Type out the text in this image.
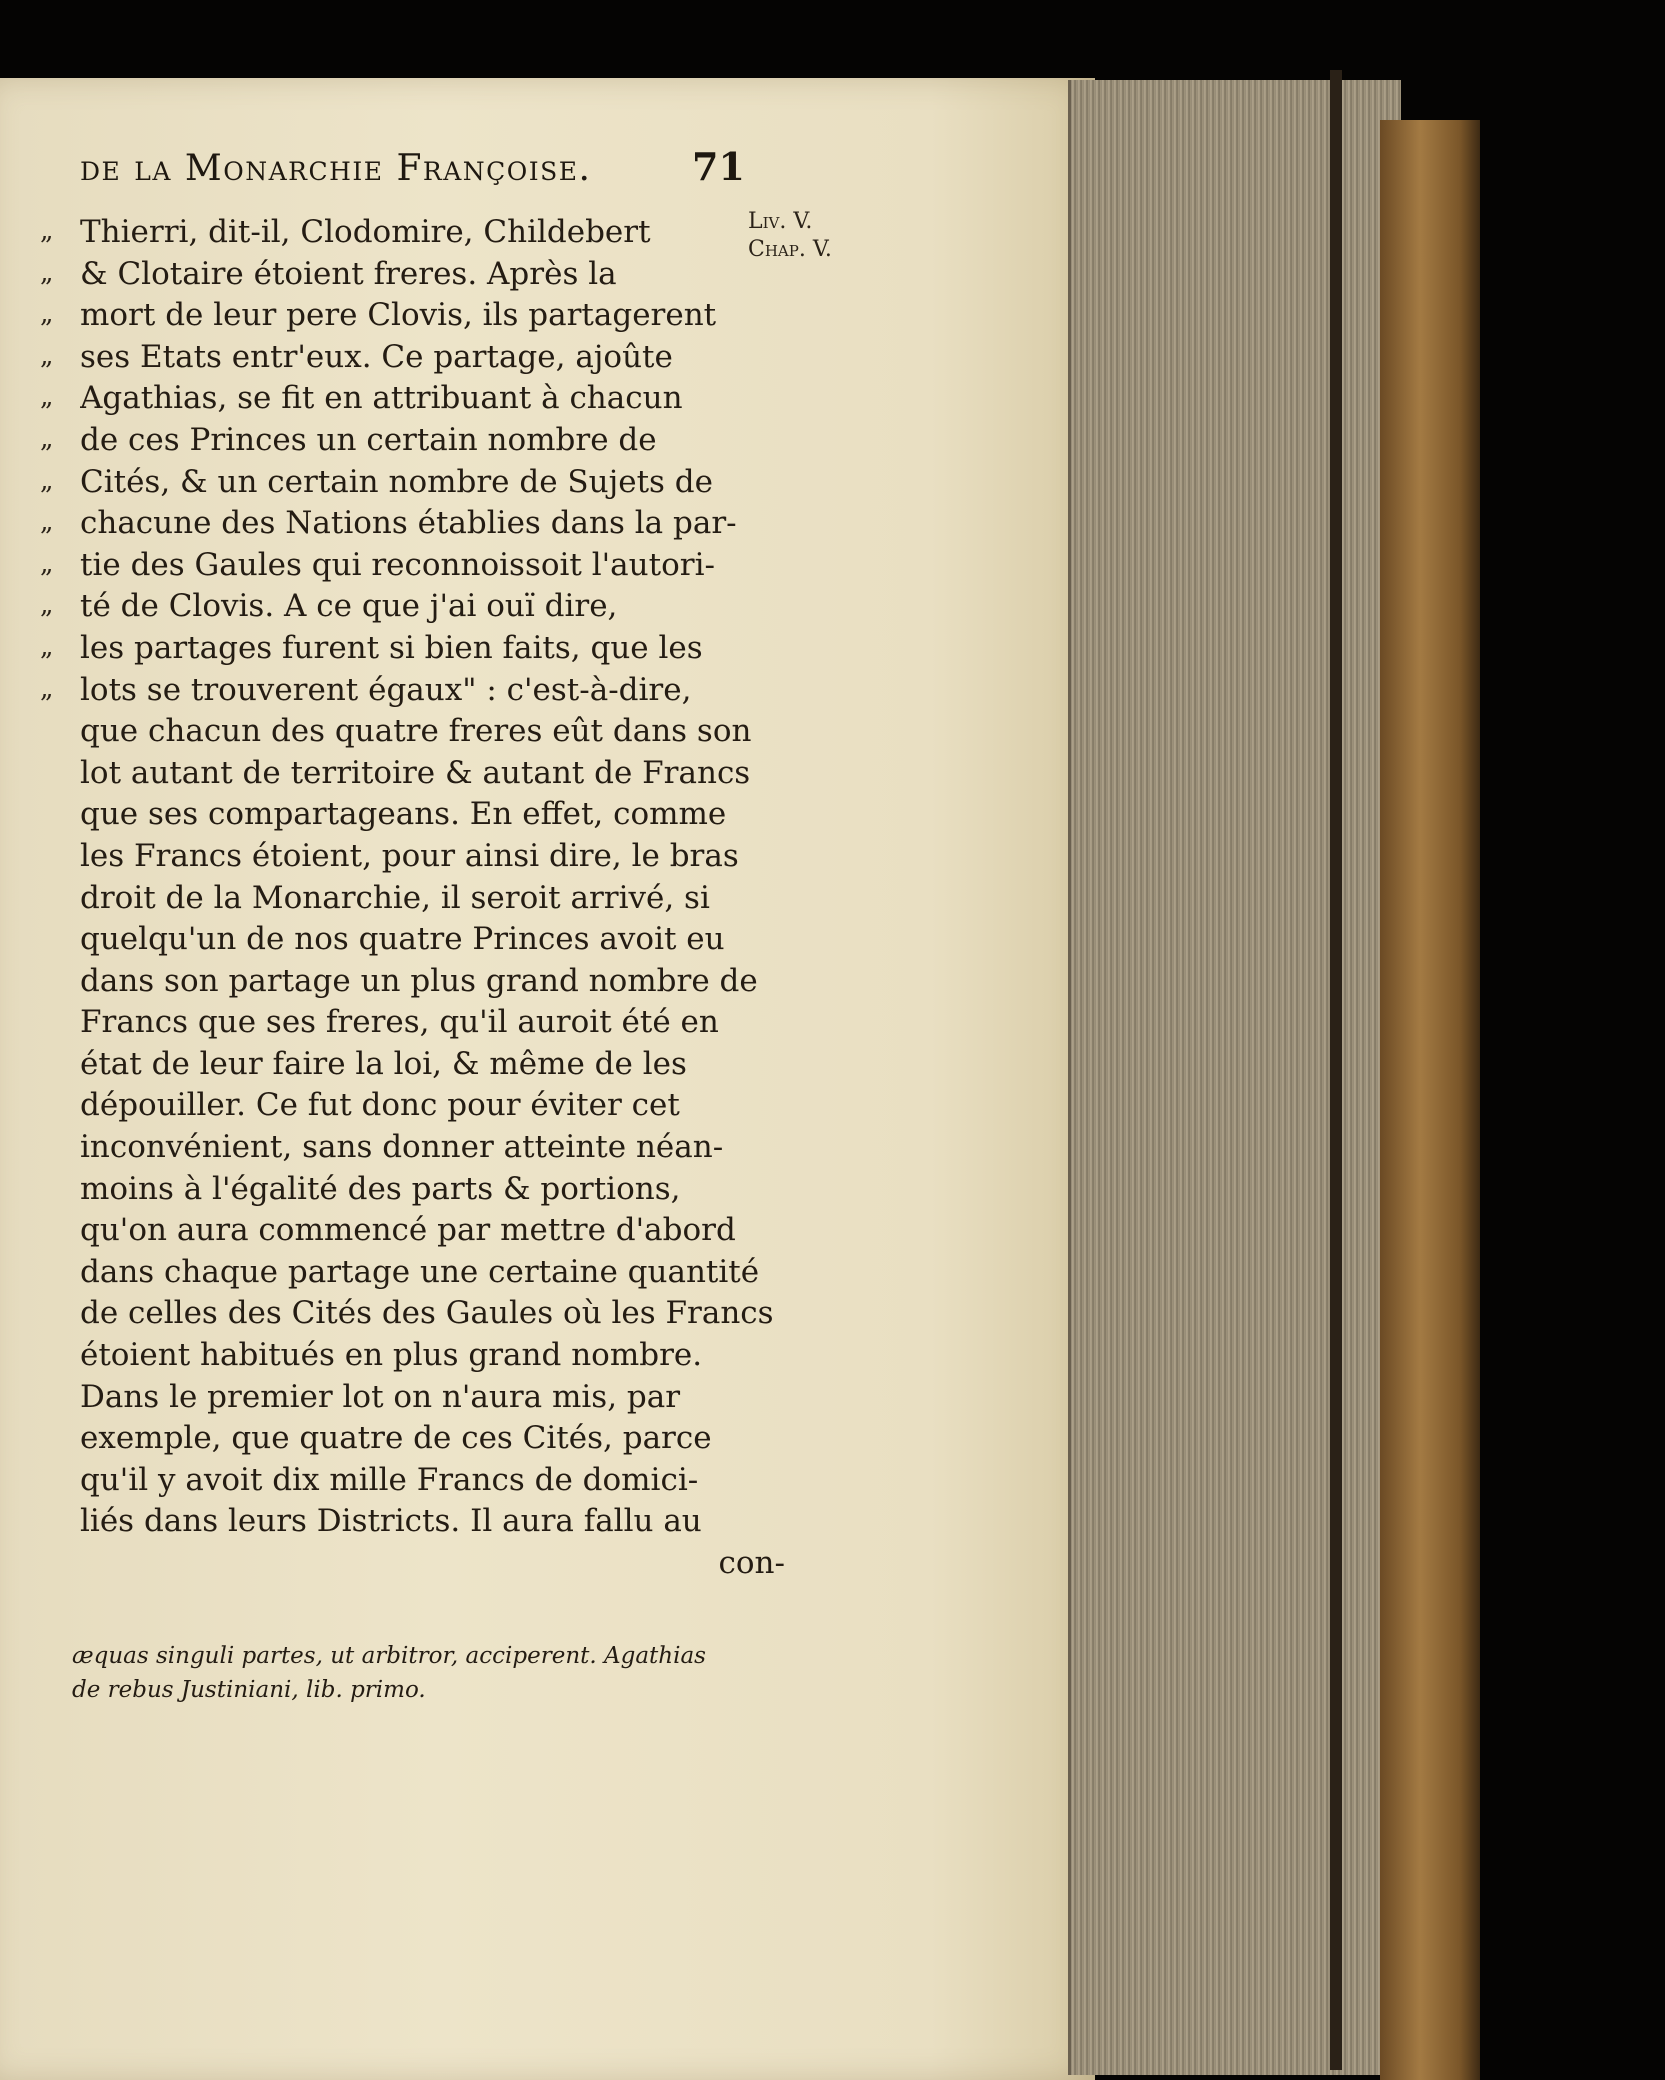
de la Monarchie Françoise.	71
Liv. V.
Chap. V.
„ Thierri, dit-il, Clodomire, Childebert
„ & Clotaire étoient freres. Après la
„ mort de leur pere Clovis, ils partagerent
„ ses Etats entr'eux. Ce partage, ajoûte
„ Agathias, se fit en attribuant à chacun
„ de ces Princes un certain nombre de
„ Cités, & un certain nombre de Sujets de
„ chacune des Nations établies dans la par-
„ tie des Gaules qui reconnoissoit l'autori-
„ té de Clovis. A ce que j'ai ouï dire,
„ les partages furent si bien faits, que les
„ lots se trouverent égaux" : c'est-à-dire,
que chacun des quatre freres eût dans son
lot autant de territoire & autant de Francs
que ses compartageans. En effet, comme
les Francs étoient, pour ainsi dire, le bras
droit de la Monarchie, il seroit arrivé, si
quelqu'un de nos quatre Princes avoit eu
dans son partage un plus grand nombre de
Francs que ses freres, qu'il auroit été en
état de leur faire la loi, & même de les
dépouiller. Ce fut donc pour éviter cet
inconvénient, sans donner atteinte néan-
moins à l'égalité des parts & portions,
qu'on aura commencé par mettre d'abord
dans chaque partage une certaine quantité
de celles des Cités des Gaules où les Francs
étoient habitués en plus grand nombre.
Dans le premier lot on n'aura mis, par
exemple, que quatre de ces Cités, parce
qu'il y avoit dix mille Francs de domici-
liés dans leurs Districts. Il aura fallu au
con-
æquas singuli partes, ut arbitror, acciperent. Agathias
de rebus Justiniani, lib. primo.
